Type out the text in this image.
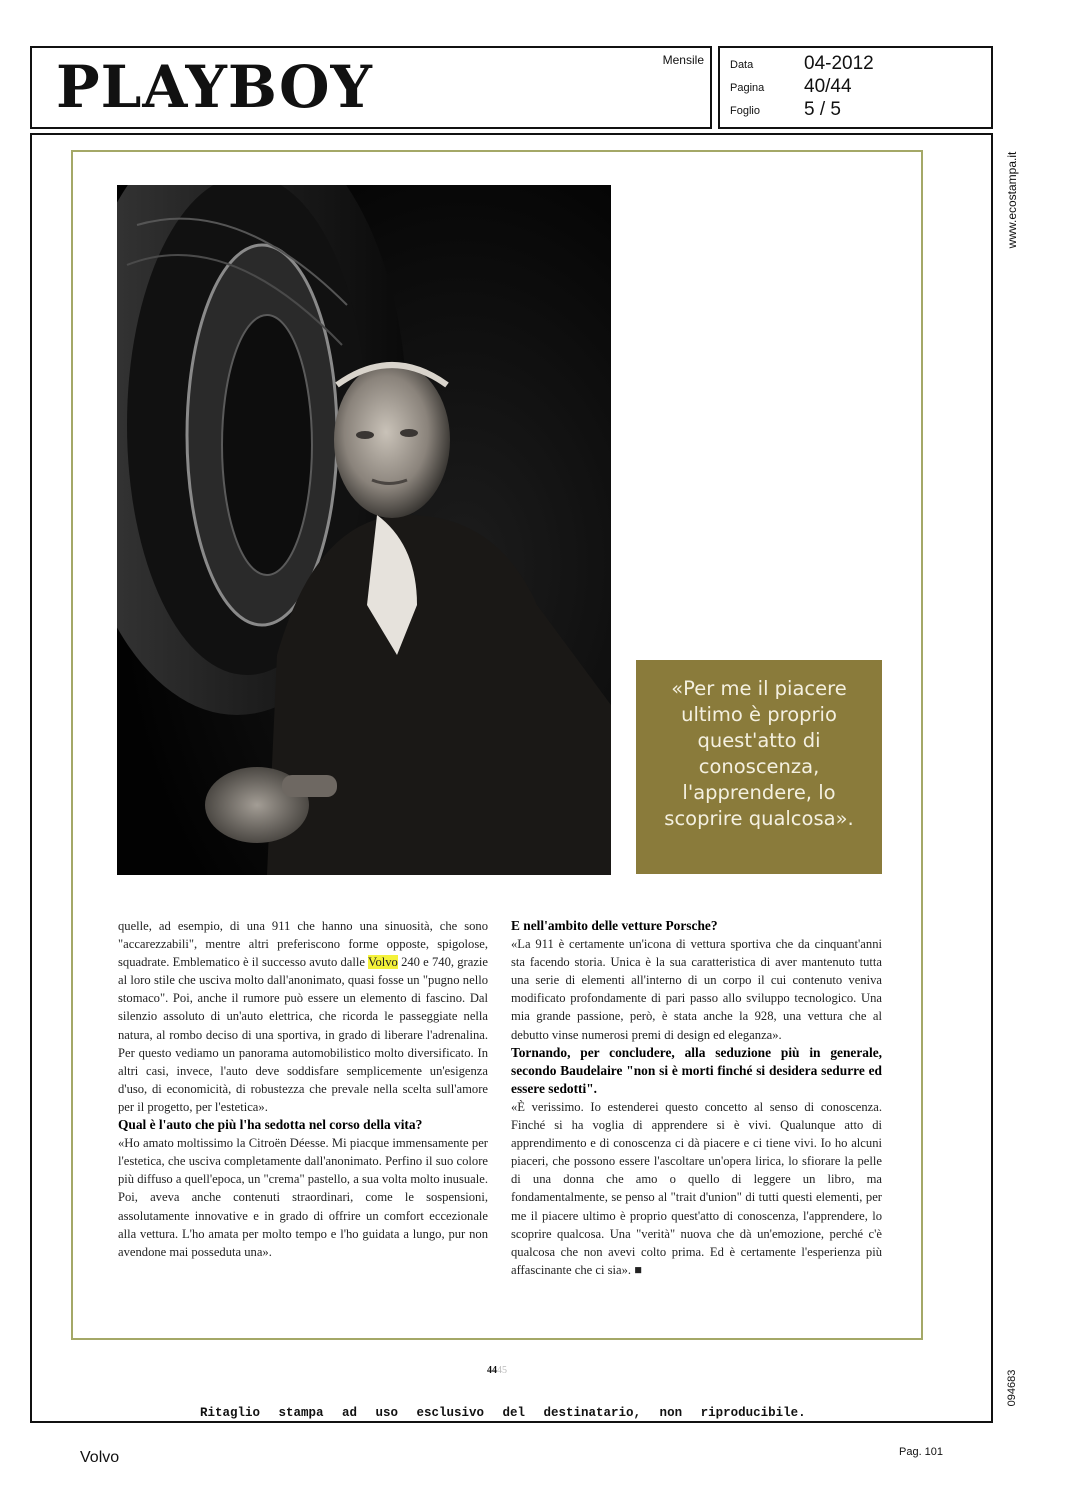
PLAYBOY	Mensile Data	04-2012
Pagina 40/44
Foglio 5 / 5
www.ecostampa.it
094683
«Per me il piacere ultimo è proprio quest'atto di conoscenza, l'apprendere, lo scoprire qualcosa».

quelle, ad esempio, di una 911 che hanno una sinuosità, che sono "accarezzabili", mentre altri preferiscono forme opposte, spigolose, squadrate. Emblematico è il successo avuto dalle Volvo 240 e 740, grazie al loro stile che usciva molto dall'anonimato, quasi fosse un "pugno nello stomaco". Poi, anche il rumore può essere un elemento di fascino. Dal silenzio assoluto di un'auto elettrica, che ricorda le passeggiate nella natura, al rombo deciso di una sportiva, in grado di liberare l'adrenalina. Per questo vediamo un panorama automobilistico molto diversificato. In altri casi, invece, l'auto deve soddisfare semplicemente un'esigenza d'uso, di economicità, di robustezza che prevale nella scelta sull'amore per il progetto, per l'estetica».

Qual è l'auto che più l'ha sedotta nel corso della vita?

«Ho amato moltissimo la Citroën Déesse. Mi piacque immensamente per l'estetica, che usciva completamente dall'anonimato. Perfino il suo colore più diffuso a quell'epoca, un "crema" pastello, a sua volta molto inusuale. Poi, aveva anche contenuti straordinari, come le sospensioni, assolutamente innovative e in grado di offrire un comfort eccezionale alla vettura. L'ho amata per molto tempo e l'ho guidata a lungo, pur non avendone mai posseduta una».

E nell'ambito delle vetture Porsche?

«La 911 è certamente un'icona di vettura sportiva che da cinquant'anni sta facendo storia. Unica è la sua caratteristica di aver mantenuto tutta una serie di elementi all'interno di un corpo il cui contenuto veniva modificato profondamente di pari passo allo sviluppo tecnologico. Una mia grande passione, però, è stata anche la 928, una vettura che al debutto vinse numerosi premi di design ed eleganza».

Tornando, per concludere, alla seduzione più in generale, secondo Baudelaire "non si è morti finché si desidera sedurre ed essere sedotti".

«È verissimo. Io estenderei questo concetto al senso di conoscenza. Finché si ha voglia di apprendere si è vivi. Qualunque atto di apprendimento e di conoscenza ci dà piacere e ci tiene vivi. Io ho alcuni piaceri, che possono essere l'ascoltare un'opera lirica, lo sfiorare la pelle di una donna che amo o quello di leggere un libro, ma fondamentalmente, se penso al "trait d'union" di tutti questi elementi, per me il piacere ultimo è proprio quest'atto di conoscenza, l'apprendere, lo scoprire qualcosa. Una "verità" nuova che dà un'emozione, perché c'è qualcosa che non avevi colto prima. Ed è certamente l'esperienza più affascinante che ci sia». ■

4445
Ritaglio stampa ad uso esclusivo del destinatario, non riproducibile.
Volvo	Pag. 101
